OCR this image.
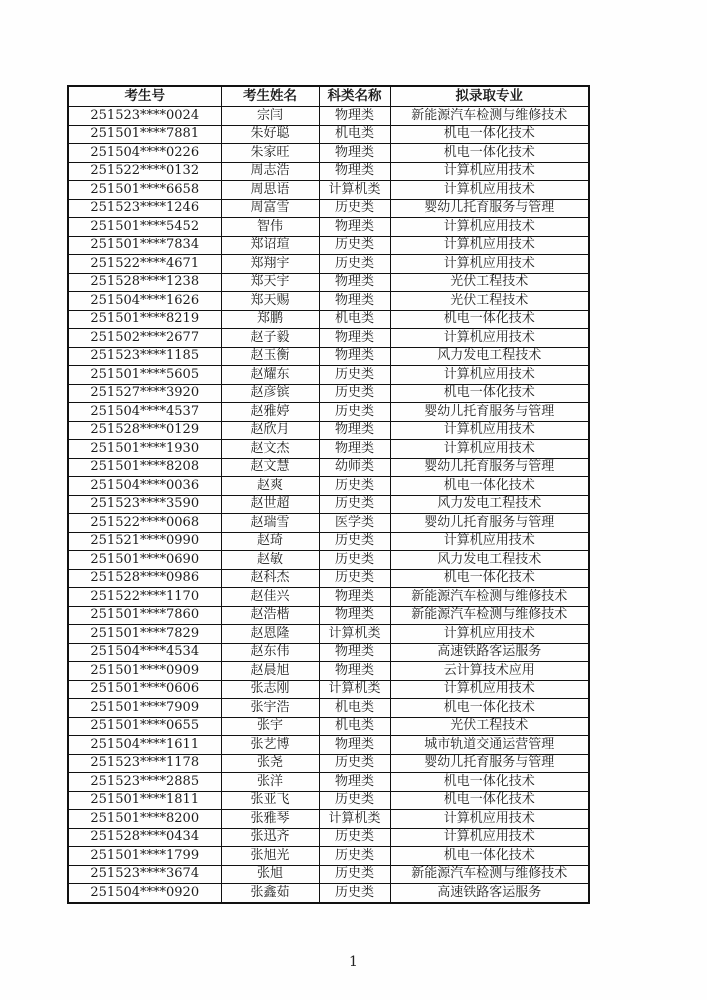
考生号	考生姓名	科类名称	拟录取专业
251523****0024	宗闫	物理类	新能源汽车检测与维修技术
251501****7881	朱好聪	机电类	机电一体化技术
251504****0226	朱家旺	物理类	机电一体化技术
251522****0132	周志浩	物理类	计算机应用技术
251501****6658	周思语	计算机类	计算机应用技术
251523****1246	周富雪	历史类	婴幼儿托育服务与管理
251501****5452	智伟	物理类	计算机应用技术
251501****7834	郑诏瑄	历史类	计算机应用技术
251522****4671	郑翔宇	历史类	计算机应用技术
251528****1238	郑天宇	物理类	光伏工程技术
251504****1626	郑天赐	物理类	光伏工程技术
251501****8219	郑鹏	机电类	机电一体化技术
251502****2677	赵子毅	物理类	计算机应用技术
251523****1185	赵玉衡	物理类	风力发电工程技术
251501****5605	赵耀东	历史类	计算机应用技术
251527****3920	赵彦镔	历史类	机电一体化技术
251504****4537	赵雅婷	历史类	婴幼儿托育服务与管理
251528****0129	赵欣月	物理类	计算机应用技术
251501****1930	赵文杰	物理类	计算机应用技术
251501****8208	赵文慧	幼师类	婴幼儿托育服务与管理
251504****0036	赵爽	历史类	机电一体化技术
251523****3590	赵世超	历史类	风力发电工程技术
251522****0068	赵瑞雪	医学类	婴幼儿托育服务与管理
251521****0990	赵琦	历史类	计算机应用技术
251501****0690	赵敏	历史类	风力发电工程技术
251528****0986	赵科杰	历史类	机电一体化技术
251522****1170	赵佳兴	物理类	新能源汽车检测与维修技术
251501****7860	赵浩楷	物理类	新能源汽车检测与维修技术
251501****7829	赵恩隆	计算机类	计算机应用技术
251504****4534	赵东伟	物理类	高速铁路客运服务
251501****0909	赵晨旭	物理类	云计算技术应用
251501****0606	张志刚	计算机类	计算机应用技术
251501****7909	张宇浩	机电类	机电一体化技术
251501****0655	张宇	机电类	光伏工程技术
251504****1611	张艺博	物理类	城市轨道交通运营管理
251523****1178	张尧	历史类	婴幼儿托育服务与管理
251523****2885	张洋	物理类	机电一体化技术
251501****1811	张亚飞	历史类	机电一体化技术
251501****8200	张雅琴	计算机类	计算机应用技术
251528****0434	张迅齐	历史类	计算机应用技术
251501****1799	张旭光	历史类	机电一体化技术
251523****3674	张旭	历史类	新能源汽车检测与维修技术
251504****0920	张鑫茹	历史类	高速铁路客运服务
1
